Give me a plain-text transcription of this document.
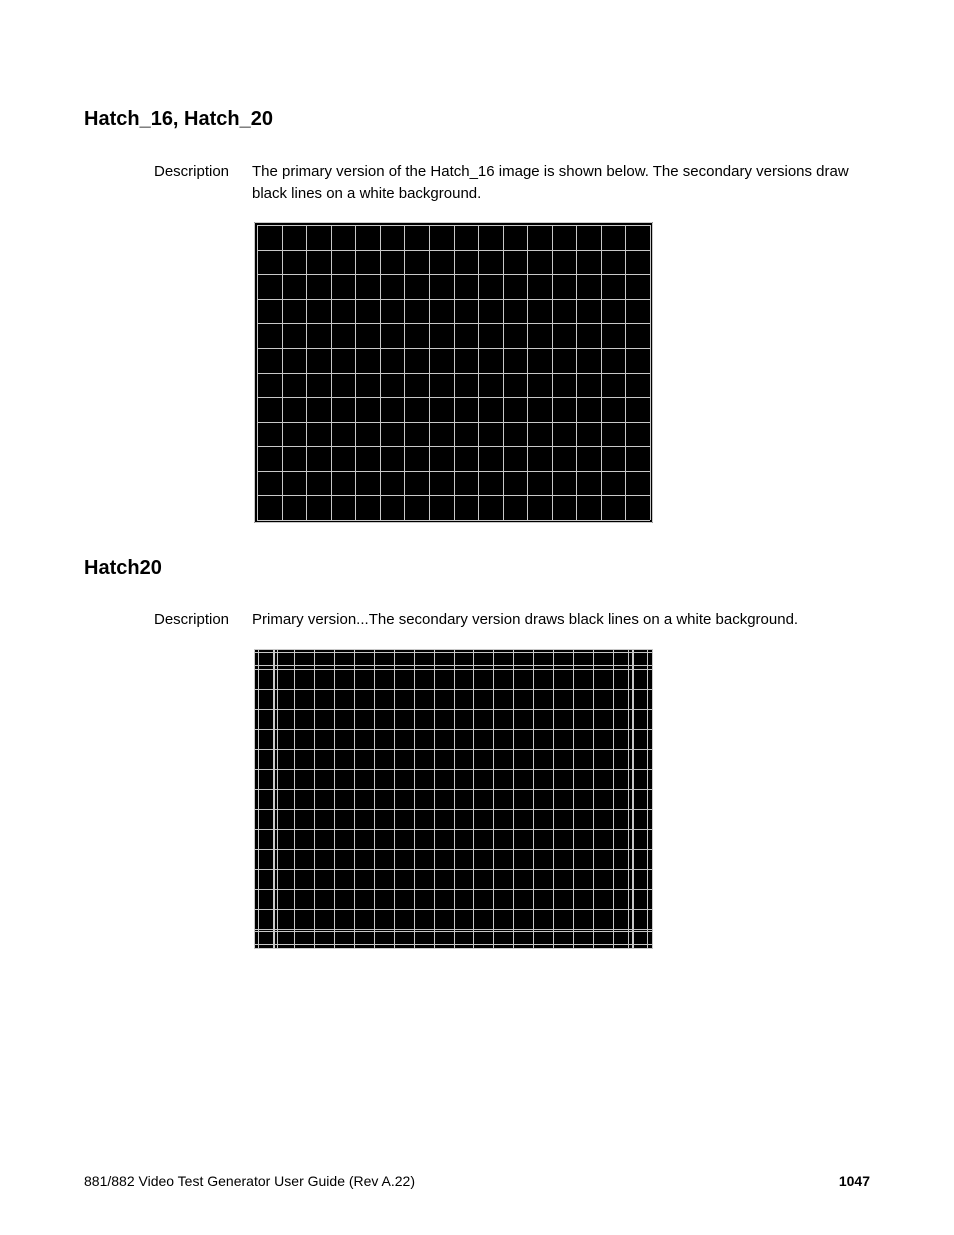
Hatch_16, Hatch_20
Description The primary version of the Hatch_16 image is shown below. The secondary versions draw black lines on a white background.
Hatch20
Description Primary version...The secondary version draws black lines on a white background.
881/882 Video Test Generator User Guide (Rev A.22)	1047
